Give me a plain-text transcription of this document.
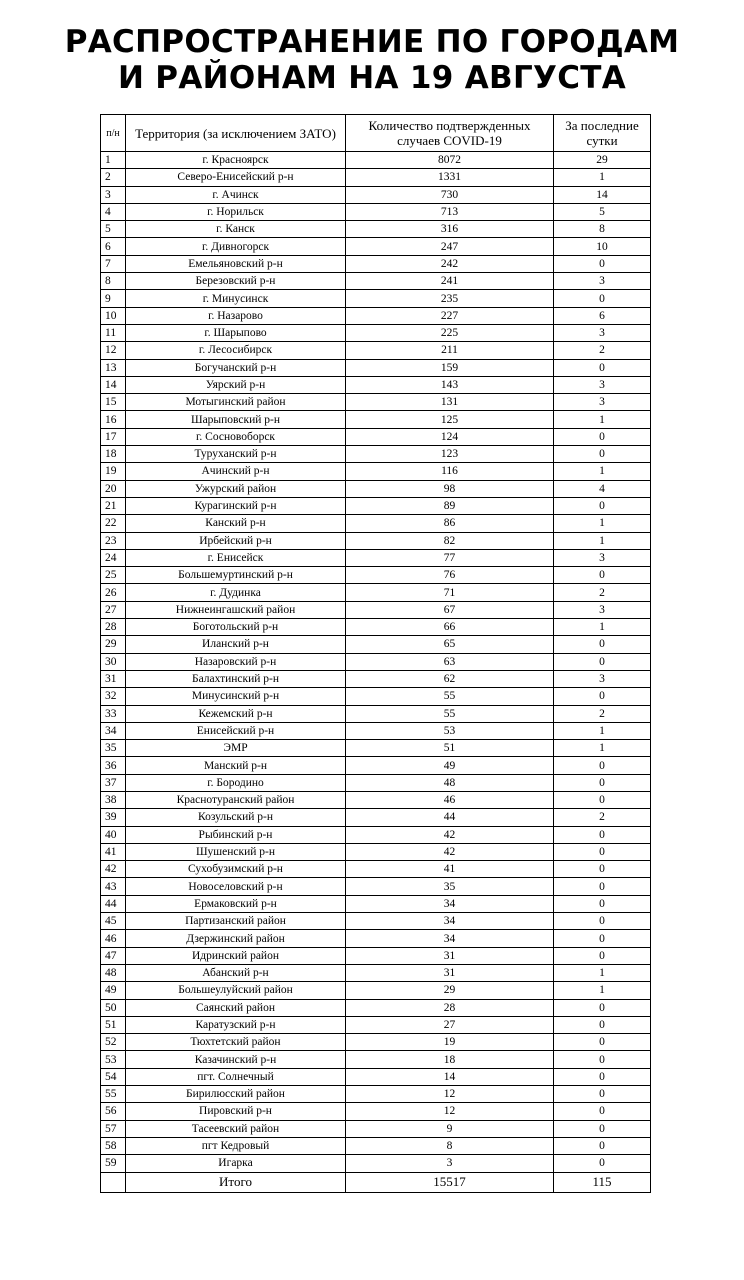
РАСПРОСТРАНЕНИЕ ПО ГОРОДАМ
И РАЙОНАМ НА 19 АВГУСТА
п/н	Территория (за исключением ЗАТО)	Количество подтвержденных случаев COVID-19	За последние сутки
1	г. Красноярск	8072	29
2	Северо-Енисейский р-н	1331	1
3	г. Ачинск	730	14
4	г. Норильск	713	5
5	г. Канск	316	8
6	г. Дивногорск	247	10
7	Емельяновский р-н	242	0
8	Березовский р-н	241	3
9	г. Минусинск	235	0
10	г. Назарово	227	6
11	г. Шарыпово	225	3
12	г. Лесосибирск	211	2
13	Богучанский р-н	159	0
14	Уярский р-н	143	3
15	Мотыгинский район	131	3
16	Шарыповский р-н	125	1
17	г. Сосновоборск	124	0
18	Туруханский р-н	123	0
19	Ачинский р-н	116	1
20	Ужурский район	98	4
21	Курагинский р-н	89	0
22	Канский р-н	86	1
23	Ирбейский р-н	82	1
24	г. Енисейск	77	3
25	Большемуртинский р-н	76	0
26	г. Дудинка	71	2
27	Нижнеингашский район	67	3
28	Боготольский р-н	66	1
29	Иланский р-н	65	0
30	Назаровский р-н	63	0
31	Балахтинский р-н	62	3
32	Минусинский р-н	55	0
33	Кежемский р-н	55	2
34	Енисейский р-н	53	1
35	ЭМР	51	1
36	Манский р-н	49	0
37	г. Бородино	48	0
38	Краснотуранский район	46	0
39	Козульский р-н	44	2
40	Рыбинский р-н	42	0
41	Шушенский р-н	42	0
42	Сухобузимский р-н	41	0
43	Новоселовский р-н	35	0
44	Ермаковский р-н	34	0
45	Партизанский район	34	0
46	Дзержинский район	34	0
47	Идринский район	31	0
48	Абанский р-н	31	1
49	Большеулуйский район	29	1
50	Саянский район	28	0
51	Каратузский р-н	27	0
52	Тюхтетский район	19	0
53	Казачинский р-н	18	0
54	пгт. Солнечный	14	0
55	Бирилюсский район	12	0
56	Пировский р-н	12	0
57	Тасеевский район	9	0
58	пгт Кедровый	8	0
59	Игарка	3	0
	Итого	15517	115
